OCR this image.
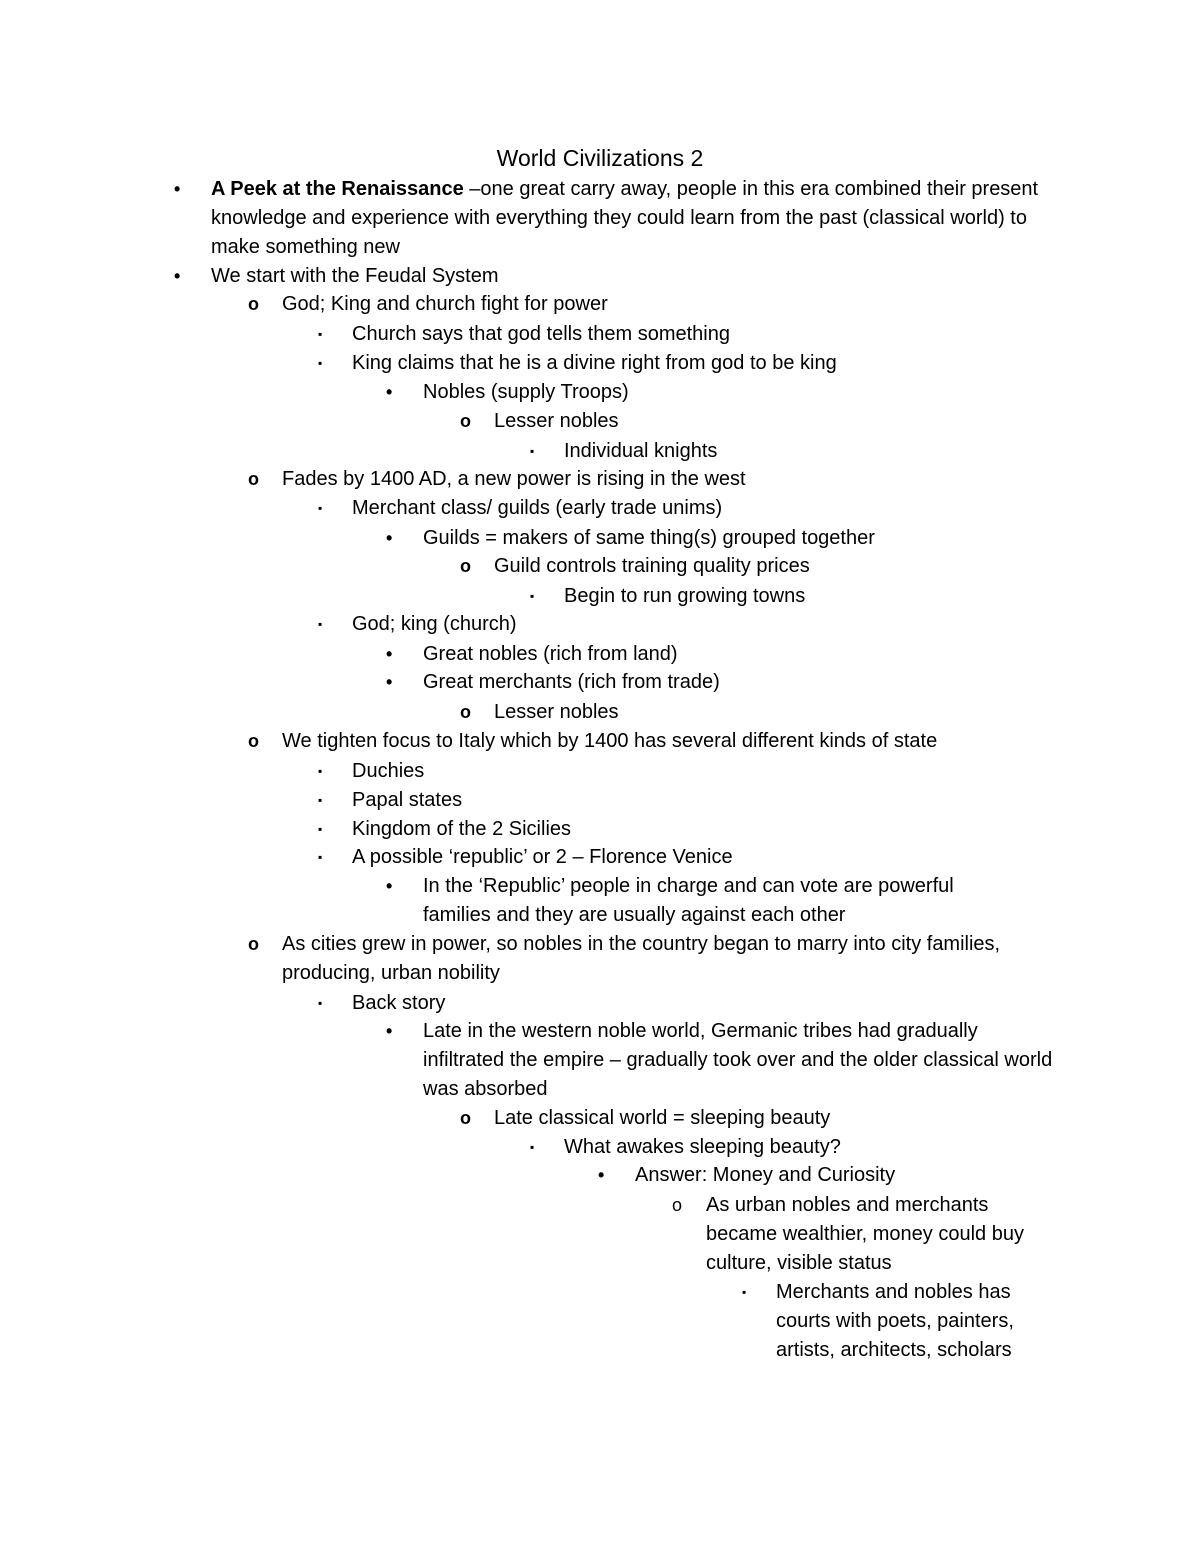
World Civilizations 2
• A Peek at the Renaissance –one great carry away, people in this era combined their present knowledge and experience with everything they could learn from the past (classical world) to make something new
• We start with the Feudal System
o God; King and church fight for power
▪ Church says that god tells them something
▪ King claims that he is a divine right from god to be king
• Nobles (supply Troops)
o Lesser nobles
▪ Individual knights
o Fades by 1400 AD, a new power is rising in the west
▪ Merchant class/ guilds (early trade unims)
• Guilds = makers of same thing(s) grouped together
o Guild controls training quality prices
▪ Begin to run growing towns
▪ God; king (church)
• Great nobles (rich from land)
• Great merchants (rich from trade)
o Lesser nobles
o We tighten focus to Italy which by 1400 has several different kinds of state
▪ Duchies
▪ Papal states
▪ Kingdom of the 2 Sicilies
▪ A possible ‘republic’ or 2 – Florence Venice
• In the ‘Republic’ people in charge and can vote are powerful families and they are usually against each other
o As cities grew in power, so nobles in the country began to marry into city families, producing, urban nobility
▪ Back story
• Late in the western noble world, Germanic tribes had gradually infiltrated the empire – gradually took over and the older classical world was absorbed
o Late classical world = sleeping beauty
▪ What awakes sleeping beauty?
• Answer: Money and Curiosity
o As urban nobles and merchants became wealthier, money could buy culture, visible status
▪ Merchants and nobles has courts with poets, painters, artists, architects, scholars
